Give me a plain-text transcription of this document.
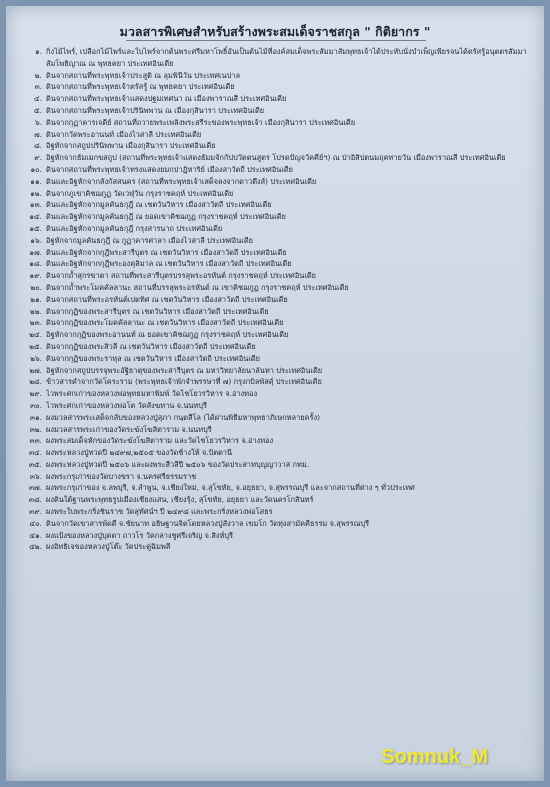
มวลสารพิเศษสำหรับสร้างพระสมเด็จราชสกุล " กิติยากร "
๑. กิ่งไม้ไพร์, เปลือกไม้ไพร์และใบไพร์จากต้นพระศรีมหาโพธิ์อันเป็นต้นไม้ที่องค์สมเด็จพระสัมมาสัมพุทธเจ้าได้ประทับนั่งบำเพ็ญเพียรจนได้ตรัสรู้อนุตตรสัมมาสัมโพธิญาณ ณ พุทธคยา ประเทศอินเดีย
๒. ดินจากสถานที่พระพุทธเจ้าประสูติ ณ ลุมพินีวัน ประเทศเนปาล
๓. ดินจากสถานที่พระพุทธเจ้าตรัสรู้ ณ พุทธคยา ประเทศอินเดีย
๔. ดินจากสถานที่พระพุทธเจ้าแสดงปฐมเทศนา ณ เมืองพาราณสี ประเทศอินเดีย
๕. ดินจากสถานที่พระพุทธเจ้าปรินิพพาน ณ เมืองกุสินารา ประเทศอินเดีย
๖. ดินจากกุฏาคารเจดีย์ สถานที่ถวายพระเพลิงพระสรีระของพระพุทธเจ้า เมืองกุสินารา ประเทศอินเดีย
๗. ดินจากวัดพระอานนท์ เมืองไวสาลี ประเทศอินเดีย
๘. อิฐหักจากสถูปปรินิพพาน เมืองกุสินารา ประเทศอินเดีย
๙. อิฐหักจากธัมเมกขสถูป (สถานที่พระพุทธเจ้าแสดงธัมมจักกัปปวัตตนสูตร โปรดปัญจวัคคีย์ฯ) ณ ป่าอิสิปตนมฤคทายวัน เมืองพาราณสี ประเทศอินเดีย
๑๐. ดินจากสถานที่พระพุทธเจ้าทรงแสดงยมกปาฏิหาริย์ เมืองสาวัตถี ประเทศอินเดีย
๑๑. ดินและอิฐหักจากสังกัสสนคร (สถานที่พระพุทธเจ้าเสด็จลงจากดาวดึงส์) ประเทศอินเดีย
๑๒. ดินจากภูเขาคิชฌกูฏ วัดเวฬุวัน กรุงราชคฤห์ ประเทศอินเดีย
๑๓. ดินและอิฐหักจากมูลคันธกุฎี ณ เชตวันวิหาร เมืองสาวัตถี ประเทศอินเดีย
๑๔. ดินและอิฐหักจากมูลคันธกุฎี ณ ยอดเขาคิชฌกูฏ กรุงราชคฤห์ ประเทศอินเดีย
๑๕. ดินและอิฐหักจากมูลคันธกุฎี กรุงสารนาถ ประเทศอินเดีย
๑๖. อิฐหักจากมูลคันธกุฎี ณ กูฏาคารศาลา เมืองไวสาลี ประเทศอินเดีย
๑๗. ดินและอิฐหักจากกุฎีพระสารีบุตร ณ เชตวันวิหาร เมืองสาวัตถี ประเทศอินเดีย
๑๘. ดินและอิฐหักจากกุฎีพระองคุลิมาล ณ เชตวันวิหาร เมืองสาวัตถี ประเทศอินเดีย
๑๙. ดินจากถ้ำสุกรขาตา สถานที่พระสารีบุตรบรรลุพระอรหันต์ กรุงราชคฤห์ ประเทศอินเดีย
๒๐. ดินจากถ้ำพระโมคคัลลานะ สถานที่บรรลุพระอรหันต์ ณ เขาคิชฌกูฏ กรุงราชคฤห์ ประเทศอินเดีย
๒๑. ดินจากสถานที่พระอรหันต์เปตทิศ ณ เชตวันวิหาร เมืองสาวัตถี ประเทศอินเดีย
๒๒. ดินจากกุฏิของพระสารีบุตร ณ เชตวันวิหาร เมืองสาวัตถี ประเทศอินเดีย
๒๓. ดินจากกุฏิของพระโมคคัลลานะ ณ เชตวันวิหาร เมืองสาวัตถี ประเทศอินเดีย
๒๔. อิฐหักจากกุฏิของพระอานนท์ ณ ยอดเขาคิชฌกูฏ กรุงราชคฤห์ ประเทศอินเดีย
๒๕. ดินจากกุฏิของพระสิวลี ณ เชตวันวิหาร เมืองสาวัตถี ประเทศอินเดีย
๒๖. ดินจากกุฏิของพระราหุล ณ เชตวันวิหาร เมืองสาวัตถี ประเทศอินเดีย
๒๗. อิฐหักจากสถูปบรรจุพระอัฐิธาตุของพระสารีบุตร ณ มหาวิทยาลัยนาลันทา ประเทศอินเดีย
๒๘. ข้าวสารดำจากวัดโคระราม (พระพุทธเจ้าพักจำพรรษาที่ ๗) กรุงกบิลพัสดุ์ ประเทศอินเดีย
๒๙. ไวพระศกเก่าของหลวงพ่อพุทธมหาพิมพ์ วัดไชโยวรวิหาร จ.อ่างทอง
๓๐. ไวพระศกเก่าของหลวงพ่อโต วัดสังฆทาน จ.นนทบุรี
๓๑. ผงมวลสารพระเสด็จกลับของหลวงปู่สุภา กนฺตสีโล (ได้ผ่านพิธีมหาพุทธาภิเษกหลายครั้ง)
๓๒. ผงมวลสารพระเก่าของวัดระฆังโฆสิตาราม จ.นนทบุรี
๓๓. ผงพระสมเด็จหักของวัดระฆังโฆสิตาราม และวัดไชโยวรวิหาร จ.อ่างทอง
๓๔. ผงพระหลวงปู่ทวดปี ๒๔๙๗,๒๕๐๕ ของวัดช้างให้ จ.ปัตตานี
๓๕. ผงพระหลวงปู่ทวดปี ๒๕๐๖ และผงพระสีวลีปี ๒๕๐๖ ของวัดประสาทบุญญาวาส กทม.
๓๖. ผงพระกรุเก่าของวัดบางขรา จ.นครศรีธรรมราช
๓๗. ผงพระกรุเก่าของ จ.ลพบุรี, จ.ลำพูน, จ.เชียงใหม่, จ.สุโขทัย, จ.อยุธยา, จ.สุพรรณบุรี และจากสถานที่ต่าง ๆ ทั่วประเทศ
๓๘. ผงดินใต้ฐานพระพุทธรูปเมืองเชียงแสน, เชียงรุ้ง, สุโขทัย, อยุธยา และวัดนครโกสินทร์
๓๙. ผงพระใบพระกริ่งชินราช วัดสุทัศน์ฯ ปี ๒๔๙๘ และพระกริ่งหลวงพ่อโสธร
๔๐. ดินจากวัดเขาสารพัดดี จ.ชัยนาท อธิษฐานจิตโดยหลวงปู่สังวาล เขมโก วัดทุ่งสามัคคีธรรม จ.สุพรรณบุรี
๔๑. ผงแป้งของหลวงปู่บุดดา ถาวโร วัดกลางชูศรีเจริญ จ.สิงห์บุรี
๔๒. ผงอิทธิเจของหลวงปู่โต๊ะ วัดประดู่ฉิมพลี
Somnuk_M
